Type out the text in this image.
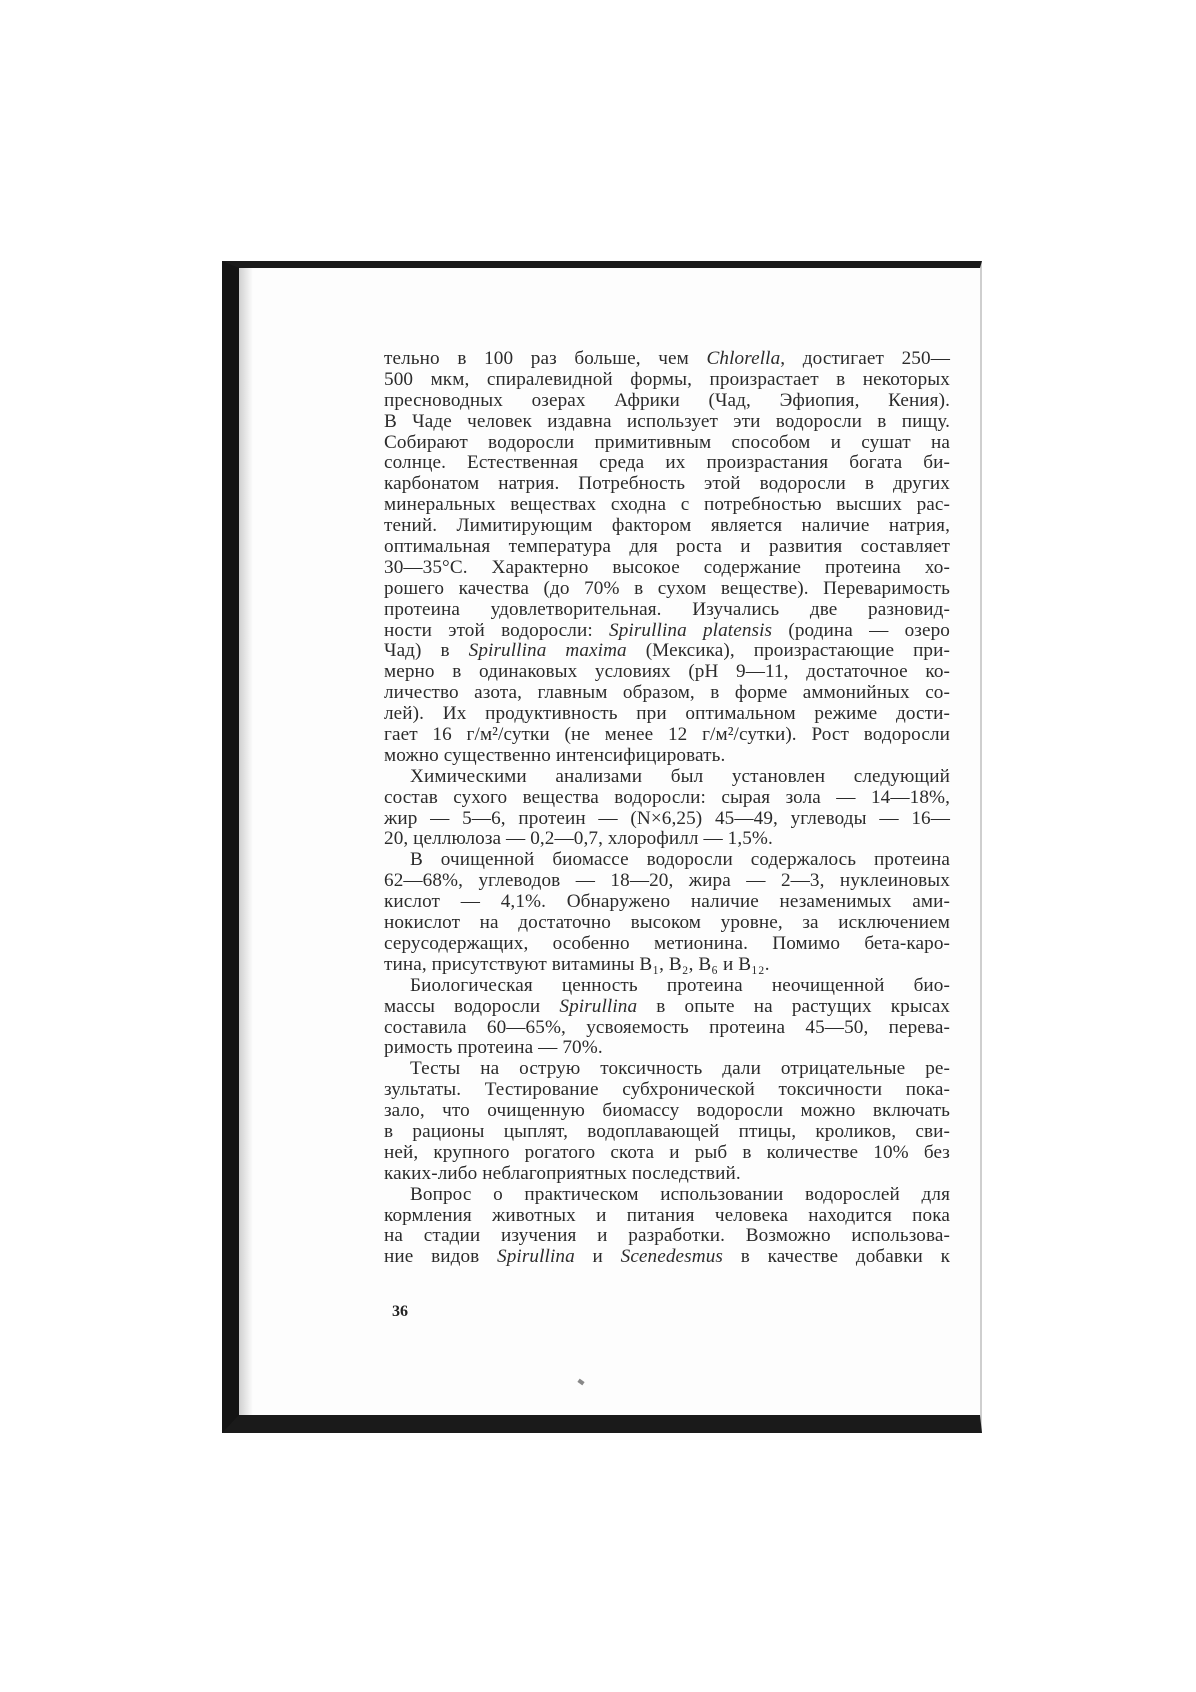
тельно в 100 раз больше, чем Chlorella, достигает 250—
500 мкм, спиралевидной формы, произрастает в некоторых
пресноводных озерах Африки (Чад, Эфиопия, Кения).
В Чаде человек издавна использует эти водоросли в пищу.
Собирают водоросли примитивным способом и сушат на
солнце. Естественная среда их произрастания богата би-
карбонатом натрия. Потребность этой водоросли в других
минеральных веществах сходна с потребностью высших рас-
тений. Лимитирующим фактором является наличие натрия,
оптимальная температура для роста и развития составляет
30—35°С. Характерно высокое содержание протеина хо-
рошего качества (до 70% в сухом веществе). Переваримость
протеина удовлетворительная. Изучались две разновид-
ности этой водоросли: Spirullina platensis (родина — озеро
Чад) в Spirullina maxima (Мексика), произрастающие при-
мерно в одинаковых условиях (рН 9—11, достаточное ко-
личество азота, главным образом, в форме аммонийных со-
лей). Их продуктивность при оптимальном режиме дости-
гает 16 г/м²/сутки (не менее 12 г/м²/сутки). Рост водоросли
можно существенно интенсифицировать.
Химическими анализами был установлен следующий
состав сухого вещества водоросли: сырая зола — 14—18%,
жир — 5—6, протеин — (N×6,25) 45—49, углеводы — 16—
20, целлюлоза — 0,2—0,7, хлорофилл — 1,5%.
В очищенной биомассе водоросли содержалось протеина
62—68%, углеводов — 18—20, жира — 2—3, нуклеиновых
кислот — 4,1%. Обнаружено наличие незаменимых ами-
нокислот на достаточно высоком уровне, за исключением
серусодержащих, особенно метионина. Помимо бета-каро-
тина, присутствуют витамины B₁, B₂, B₆ и B₁₂.
Биологическая ценность протеина неочищенной био-
массы водоросли Spirullina в опыте на растущих крысах
составила 60—65%, усвояемость протеина 45—50, перева-
римость протеина — 70%.
Тесты на острую токсичность дали отрицательные ре-
зультаты. Тестирование субхронической токсичности пока-
зало, что очищенную биомассу водоросли можно включать
в рационы цыплят, водоплавающей птицы, кроликов, сви-
ней, крупного рогатого скота и рыб в количестве 10% без
каких-либо неблагоприятных последствий.
Вопрос о практическом использовании водорослей для
кормления животных и питания человека находится пока
на стадии изучения и разработки. Возможно использова-
ние видов Spirullina и Scenedesmus в качестве добавки к
36
